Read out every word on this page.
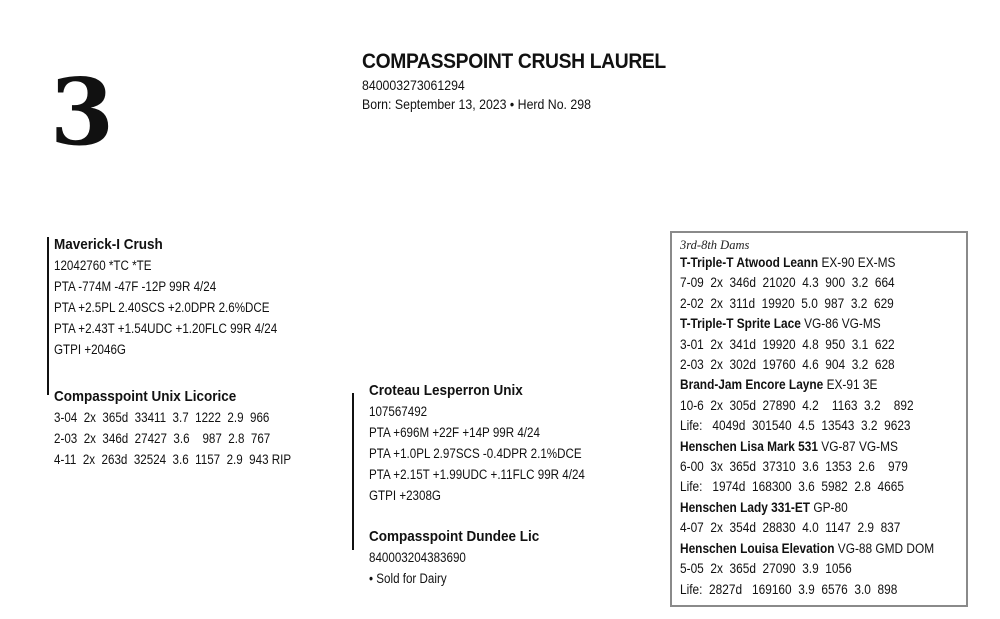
3	COMPASSPOINT CRUSH LAUREL
840003273061294
Born: September 13, 2023 • Herd No. 298
Maverick-I Crush
12042760 *TC *TE
PTA -774M -47F -12P 99R 4/24
PTA +2.5PL 2.40SCS +2.0DPR 2.6%DCE
PTA +2.43T +1.54UDC +1.20FLC 99R 4/24
GTPI +2046G
Compasspoint Unix Licorice
3-04  2x  365d  33411  3.7  1222  2.9  966
2-03  2x  346d  27427  3.6    987  2.8  767
4-11  2x  263d  32524  3.6  1157  2.9  943 RIP
Croteau Lesperron Unix
107567492
PTA +696M +22F +14P 99R 4/24
PTA +1.0PL 2.97SCS -0.4DPR 2.1%DCE
PTA +2.15T +1.99UDC +.11FLC 99R 4/24
GTPI +2308G
Compasspoint Dundee Lic
840003204383690
• Sold for Dairy
3rd-8th Dams
T-Triple-T Atwood Leann EX-90 EX-MS
7-09  2x  346d  21020  4.3  900  3.2  664
2-02  2x  311d  19920  5.0  987  3.2  629
T-Triple-T Sprite Lace VG-86 VG-MS
3-01  2x  341d  19920  4.8  950  3.1  622
2-03  2x  302d  19760  4.6  904  3.2  628
Brand-Jam Encore Layne EX-91 3E
10-6  2x  305d  27890  4.2    1163  3.2    892
Life:   4049d  301540  4.5  13543  3.2  9623
Henschen Lisa Mark 531 VG-87 VG-MS
6-00  3x  365d  37310  3.6  1353  2.6    979
Life:   1974d  168300  3.6  5982  2.8  4665
Henschen Lady 331-ET GP-80
4-07  2x  354d  28830  4.0  1147  2.9  837
Henschen Louisa Elevation VG-88 GMD DOM
5-05  2x  365d  27090  3.9  1056
Life:  2827d   169160  3.9  6576  3.0  898
